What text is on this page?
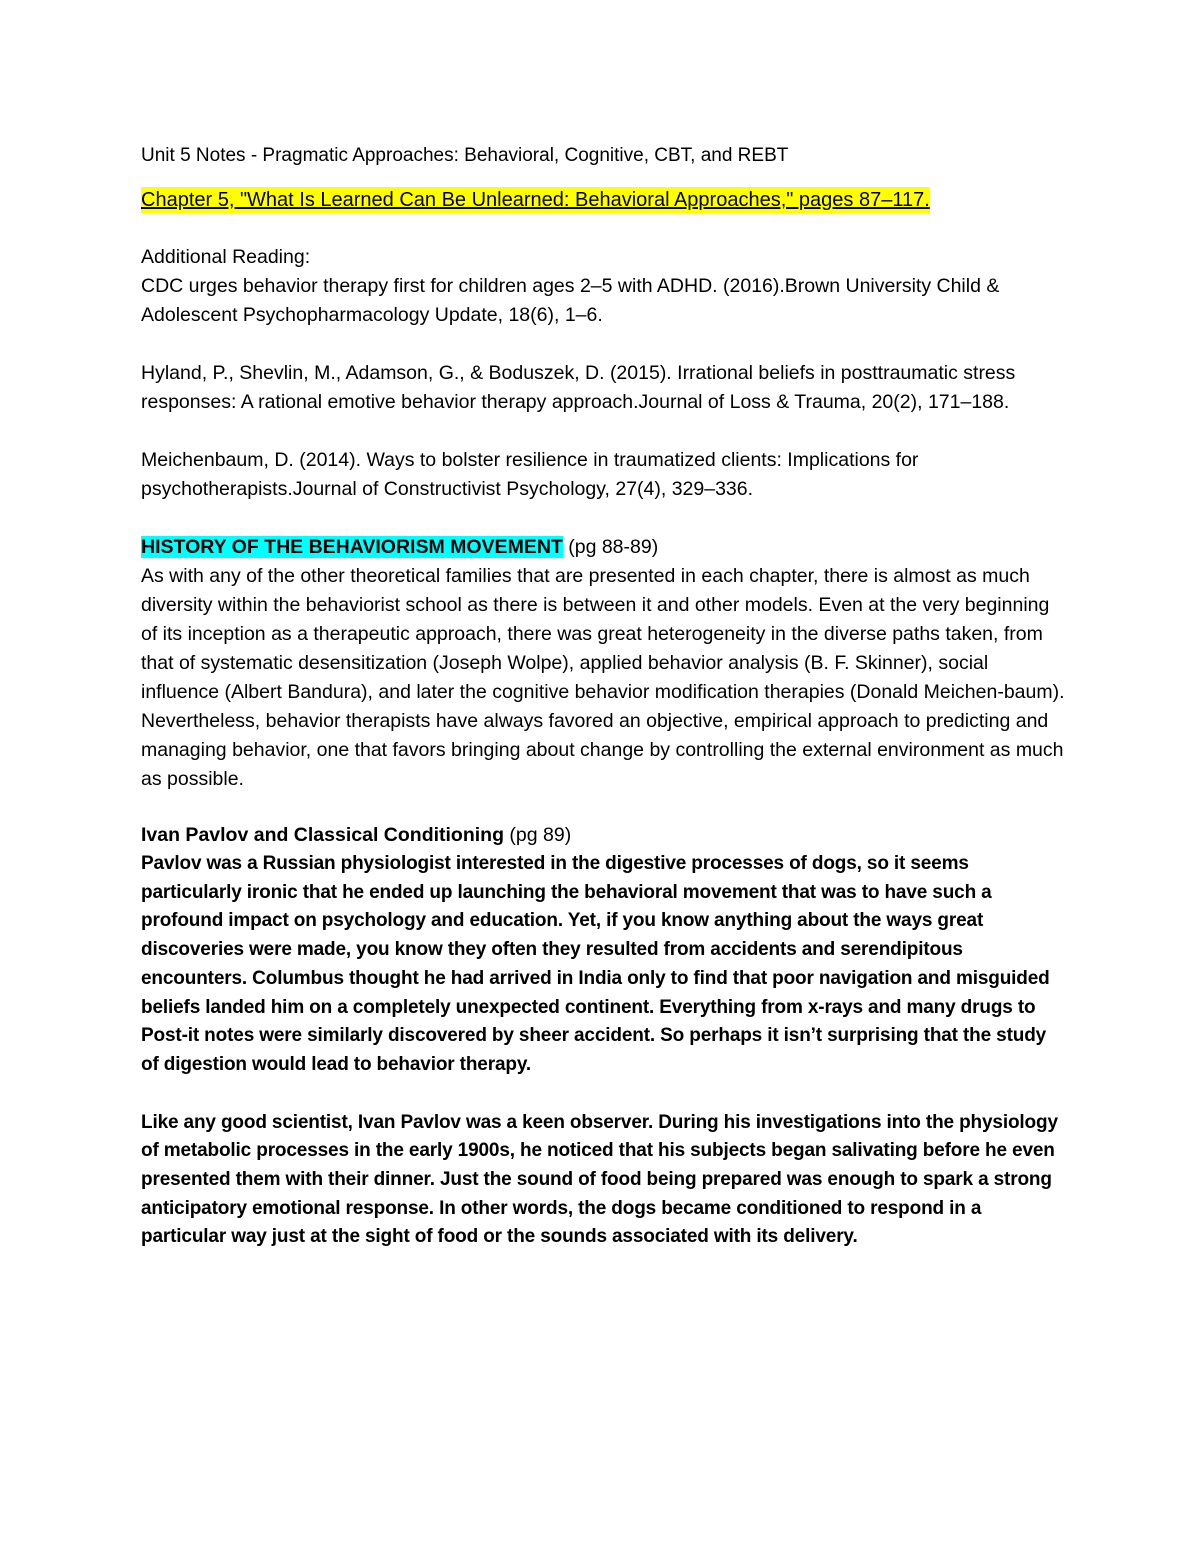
Unit 5 Notes - Pragmatic Approaches: Behavioral, Cognitive, CBT, and REBT

Chapter 5, "What Is Learned Can Be Unlearned: Behavioral Approaches," pages 87–117.

Additional Reading:

CDC urges behavior therapy first for children ages 2–5 with ADHD. (2016).Brown University Child & Adolescent Psychopharmacology Update, 18(6), 1–6.

Hyland, P., Shevlin, M., Adamson, G., & Boduszek, D. (2015). Irrational beliefs in posttraumatic stress responses: A rational emotive behavior therapy approach.Journal of Loss & Trauma, 20(2), 171–188.

Meichenbaum, D. (2014). Ways to bolster resilience in traumatized clients: Implications for psychotherapists.Journal of Constructivist Psychology, 27(4), 329–336.

HISTORY OF THE BEHAVIORISM MOVEMENT (pg 88-89)

As with any of the other theoretical families that are presented in each chapter, there is almost as much diversity within the behaviorist school as there is between it and other models. Even at the very beginning of its inception as a therapeutic approach, there was great heterogeneity in the diverse paths taken, from that of systematic desensitization (Joseph Wolpe), applied behavior analysis (B. F. Skinner), social influence (Albert Bandura), and later the cognitive behavior modification therapies (Donald Meichen-baum). Nevertheless, behavior therapists have always favored an objective, empirical approach to predicting and managing behavior, one that favors bringing about change by controlling the external environment as much as possible.

Ivan Pavlov and Classical Conditioning (pg 89)

Pavlov was a Russian physiologist interested in the digestive processes of dogs, so it seems particularly ironic that he ended up launching the behavioral movement that was to have such a profound impact on psychology and education. Yet, if you know anything about the ways great discoveries were made, you know they often they resulted from accidents and serendipitous encounters. Columbus thought he had arrived in India only to find that poor navigation and misguided beliefs landed him on a completely unexpected continent. Everything from x-rays and many drugs to Post-it notes were similarly discovered by sheer accident. So perhaps it isn’t surprising that the study of digestion would lead to behavior therapy.

Like any good scientist, Ivan Pavlov was a keen observer. During his investigations into the physiology of metabolic processes in the early 1900s, he noticed that his subjects began salivating before he even presented them with their dinner. Just the sound of food being prepared was enough to spark a strong anticipatory emotional response. In other words, the dogs became conditioned to respond in a particular way just at the sight of food or the sounds associated with its delivery.
